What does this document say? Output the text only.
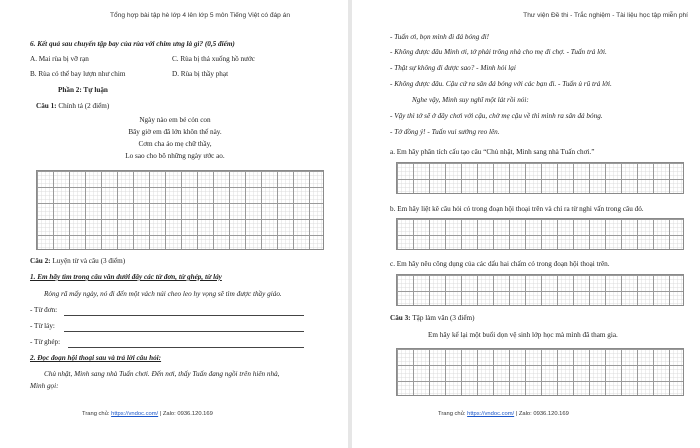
Tổng hợp bài tập hè lớp 4 lên lớp 5 môn Tiếng Việt có đáp án
6. Kết quả sau chuyến tập bay của rùa với chim ưng là gì? (0,5 điểm)
A. Mai rùa bị vỡ rạn	C. Rùa bị thả xuống hồ nước
B. Rùa có thể bay lượn như chim	D. Rùa bị thầy phạt
Phần 2: Tự luận
Câu 1: Chính tả (2 điểm)
Ngày nào em bé cỏn con
Bây giờ em đã lớn khôn thế này.
Cơm cha áo mẹ chữ thầy,
Lo sao cho bõ những ngày ước ao.
Câu 2: Luyện từ và câu (3 điểm)
1. Em hãy tìm trong câu văn dưới đây các từ đơn, từ ghép, từ láy
Rỏng rã mấy ngày, nó đi đến một vách núi cheo leo hy vọng sẽ tìm được thầy giáo.
- Từ đơn:
- Từ láy:
- Từ ghép:
2. Đọc đoạn hội thoại sau và trả lời câu hỏi:
Chủ nhật, Minh sang nhà Tuấn chơi. Đến nơi, thấy Tuấn đang ngồi trên hiên nhà,
Minh gọi:
Trang chủ: https://vndoc.com/ | Zalo: 0936.120.169
Thư viện Đề thi - Trắc nghiệm - Tài liệu học tập miễn phí
- Tuấn ơi, bọn mình đi đá bóng đi!
- Không được đâu Minh ơi, tớ phải trông nhà cho mẹ đi chợ. - Tuấn trả lời.
- Thật sự không đi được sao? - Minh hỏi lại
- Không được đâu. Cậu cứ ra sân đá bóng với các bạn đi. - Tuấn ủ rũ trả lời.
Nghe vậy, Minh suy nghĩ một lát rồi nói:
- Vậy thì tớ sẽ ở đây chơi với cậu, chờ mẹ cậu về thì mình ra sân đá bóng.
- Tớ đồng ý! - Tuấn vui sướng reo lên.
a. Em hãy phân tích cấu tạo câu “Chủ nhật, Minh sang nhà Tuấn chơi.”
b. Em hãy liệt kê câu hỏi có trong đoạn hội thoại trên và chỉ ra từ nghi vấn trong câu đó.
c. Em hãy nêu công dụng của các dấu hai chấm có trong đoạn hội thoại trên.
Câu 3: Tập làm văn (3 điểm)
Em hãy kể lại một buổi dọn vệ sinh lớp học mà mình đã tham gia.
Trang chủ: https://vndoc.com/ | Zalo: 0936.120.169
